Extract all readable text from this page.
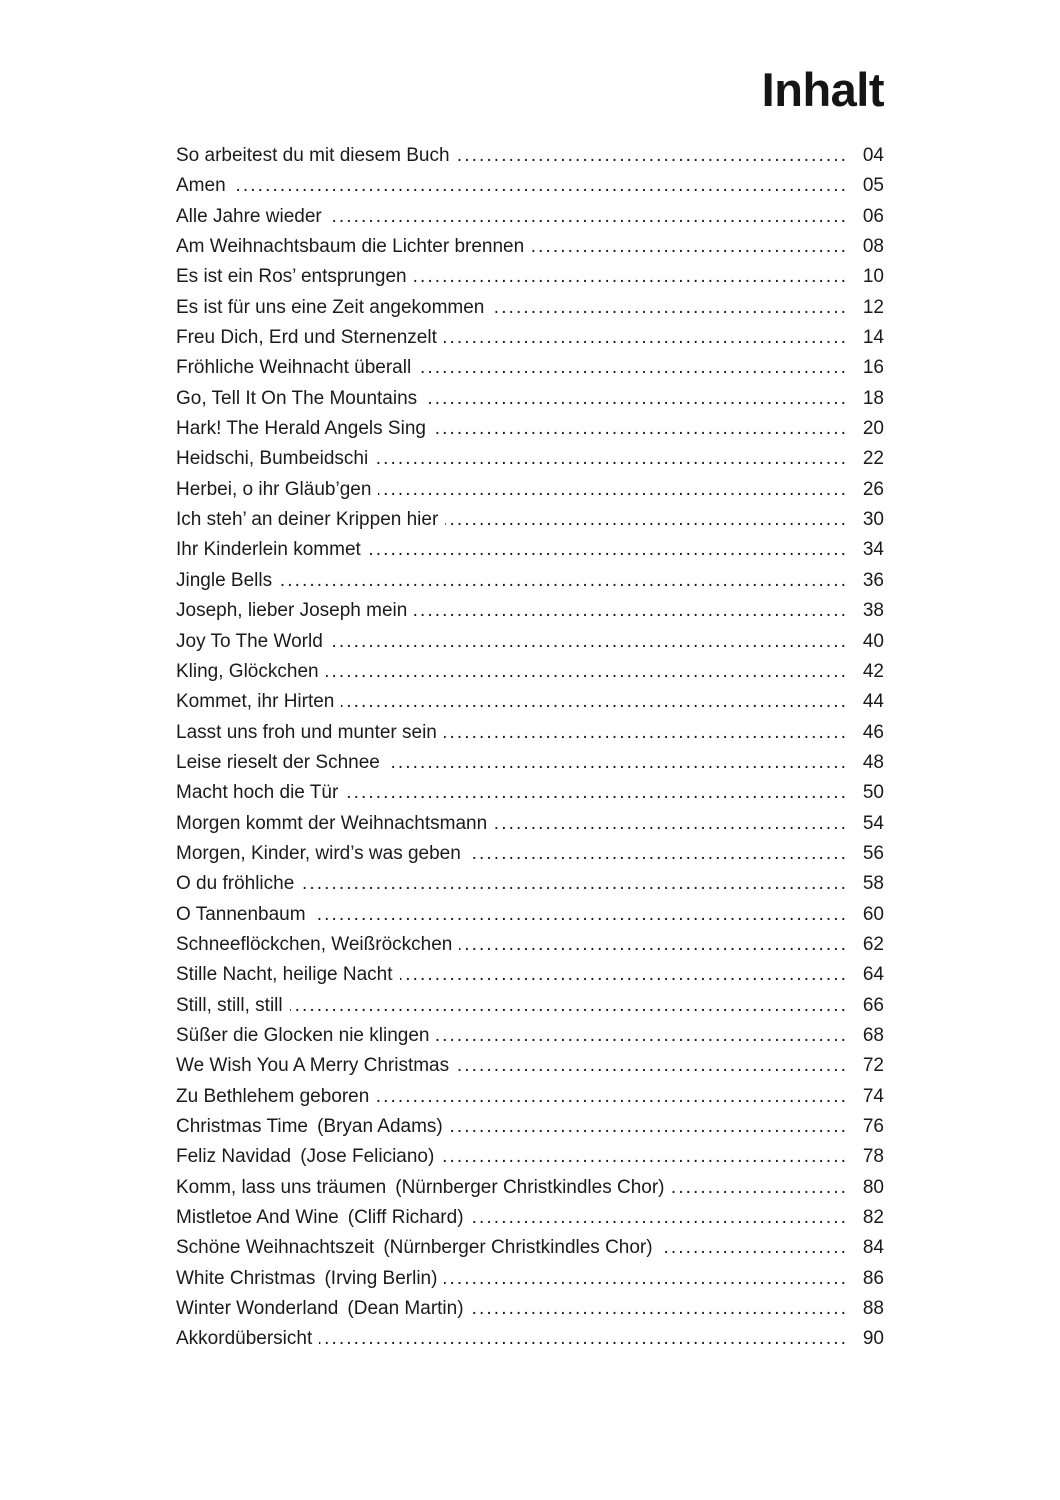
Inhalt
So arbeitest du mit diesem Buch .....	04
Amen .....	05
Alle Jahre wieder .....	06
Am Weihnachtsbaum die Lichter brennen .....	08
Es ist ein Ros’ entsprungen .....	10
Es ist für uns eine Zeit angekommen .....	12
Freu Dich, Erd und Sternenzelt .....	14
Fröhliche Weihnacht überall .....	16
Go, Tell It On The Mountains .....	18
Hark! The Herald Angels Sing .....	20
Heidschi, Bumbeidschi .....	22
Herbei, o ihr Gläub’gen .....	26
Ich steh’ an deiner Krippen hier .....	30
Ihr Kinderlein kommet .....	34
Jingle Bells .....	36
Joseph, lieber Joseph mein .....	38
Joy To The World .....	40
Kling, Glöckchen .....	42
Kommet, ihr Hirten .....	44
Lasst uns froh und munter sein .....	46
Leise rieselt der Schnee .....	48
Macht hoch die Tür .....	50
Morgen kommt der Weihnachtsmann .....	54
Morgen, Kinder, wird’s was geben .....	56
O du fröhliche .....	58
O Tannenbaum .....	60
Schneeflöckchen, Weißröckchen .....	62
Stille Nacht, heilige Nacht .....	64
Still, still, still .....	66
Süßer die Glocken nie klingen .....	68
We Wish You A Merry Christmas .....	72
Zu Bethlehem geboren .....	74
Christmas Time (Bryan Adams) .....	76
Feliz Navidad (Jose Feliciano) .....	78
Komm, lass uns träumen (Nürnberger Christkindles Chor) .....	80
Mistletoe And Wine (Cliff Richard) .....	82
Schöne Weihnachtszeit (Nürnberger Christkindles Chor) .....	84
White Christmas (Irving Berlin) .....	86
Winter Wonderland (Dean Martin) .....	88
Akkordübersicht .....	90
